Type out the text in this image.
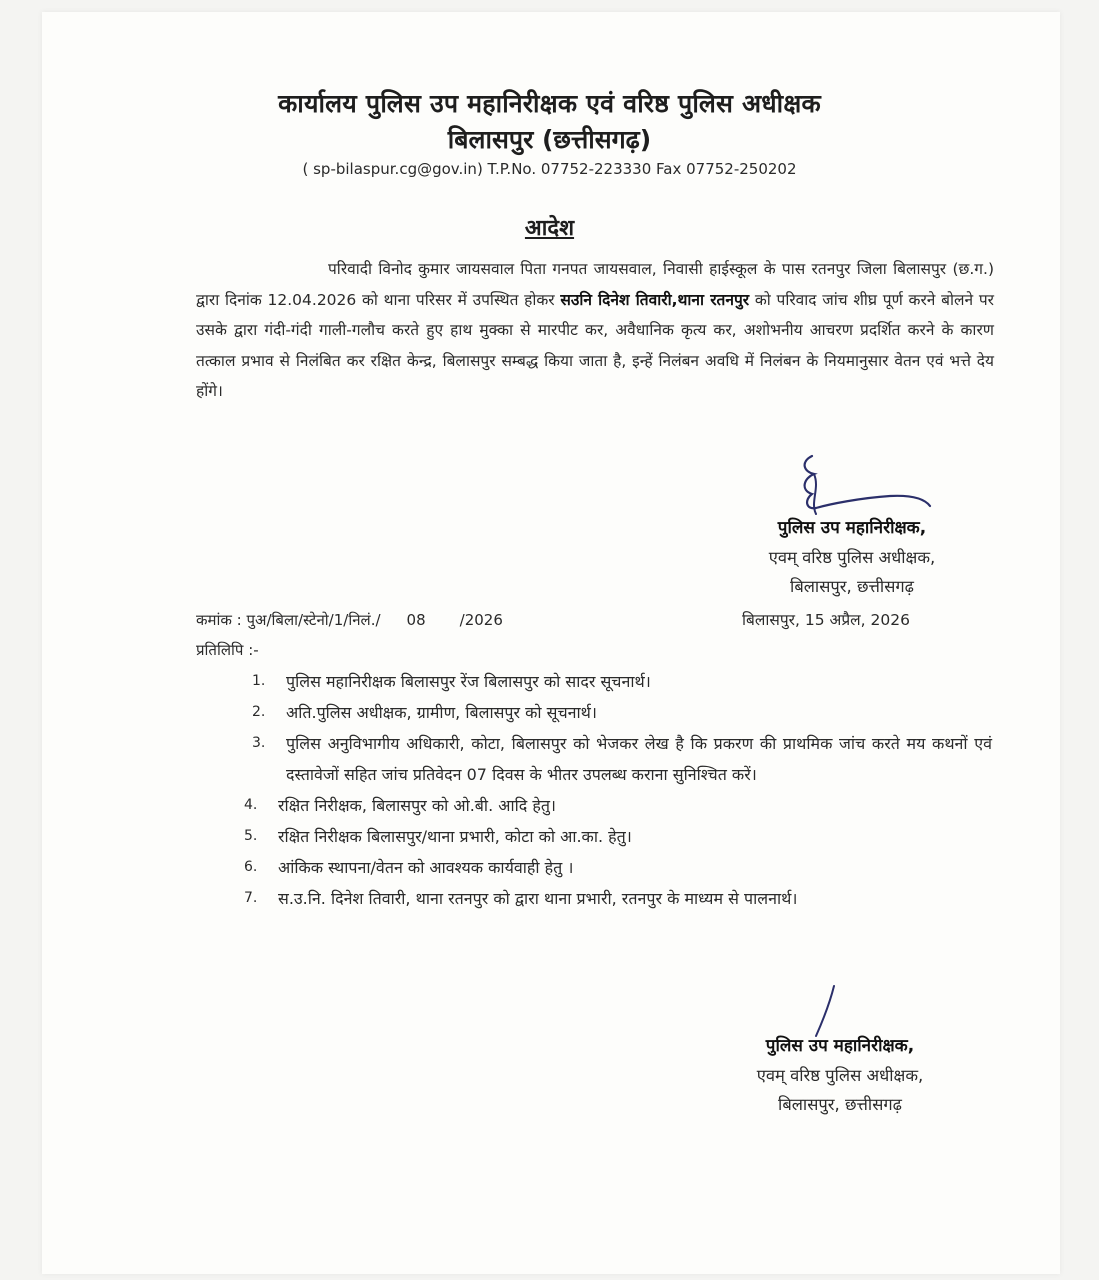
कार्यालय पुलिस उप महानिरीक्षक एवं वरिष्ठ पुलिस अधीक्षक
बिलासपुर (छत्तीसगढ़)
( sp-bilaspur.cg@gov.in) T.P.No. 07752-223330 Fax 07752-250202
आदेश
परिवादी विनोद कुमार जायसवाल पिता गनपत जायसवाल, निवासी हाईस्कूल के पास रतनपुर जिला बिलासपुर (छ.ग.) द्वारा दिनांक 12.04.2026 को थाना परिसर में उपस्थित होकर सउनि दिनेश तिवारी,थाना रतनपुर को परिवाद जांच शीघ्र पूर्ण करने बोलने पर उसके द्वारा गंदी-गंदी गाली-गलौच करते हुए हाथ मुक्का से मारपीट कर, अवैधानिक कृत्य कर, अशोभनीय आचरण प्रदर्शित करने के कारण तत्काल प्रभाव से निलंबित कर रक्षित केन्द्र, बिलासपुर सम्बद्ध किया जाता है, इन्हें निलंबन अवधि में निलंबन के नियमानुसार वेतन एवं भत्ते देय होंगे।
पुलिस उप महानिरीक्षक,
एवम् वरिष्ठ पुलिस अधीक्षक,
बिलासपुर, छत्तीसगढ़
कमांक : पुअ/बिला/स्टेनो/1/निलं./ 08 /2026	बिलासपुर, 15 अप्रैल, 2026
प्रतिलिपि :-
1.	पुलिस महानिरीक्षक बिलासपुर रेंज बिलासपुर को सादर सूचनार्थ।
2.	अति.पुलिस अधीक्षक, ग्रामीण, बिलासपुर को सूचनार्थ।
3.	पुलिस अनुविभागीय अधिकारी, कोटा, बिलासपुर को भेजकर लेख है कि प्रकरण की प्राथमिक जांच करते मय कथनों एवं दस्तावेजों सहित जांच प्रतिवेदन 07 दिवस के भीतर उपलब्ध कराना सुनिश्चित करें।
4.	रक्षित निरीक्षक, बिलासपुर को ओ.बी. आदि हेतु।
5.	रक्षित निरीक्षक बिलासपुर/थाना प्रभारी, कोटा को आ.का. हेतु।
6.	आंकिक स्थापना/वेतन को आवश्यक कार्यवाही हेतु ।
7.	स.उ.नि. दिनेश तिवारी, थाना रतनपुर को द्वारा थाना प्रभारी, रतनपुर के माध्यम से पालनार्थ।
पुलिस उप महानिरीक्षक,
एवम् वरिष्ठ पुलिस अधीक्षक,
बिलासपुर, छत्तीसगढ़
